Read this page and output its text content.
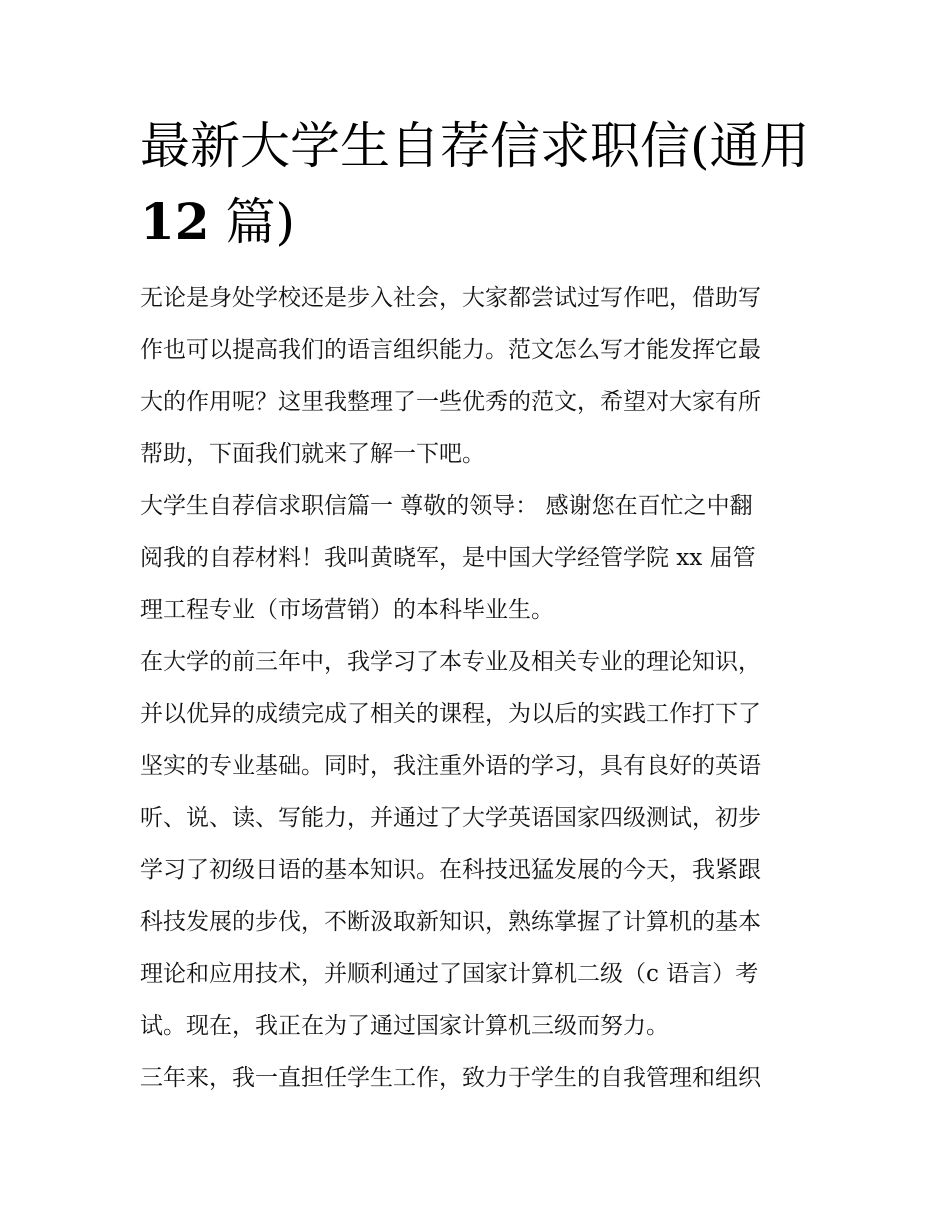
最新大学生自荐信求职信(通用
12 篇)

无论是身处学校还是步入社会，大家都尝试过写作吧，借助写
作也可以提高我们的语言组织能力。范文怎么写才能发挥它最
大的作用呢？这里我整理了一些优秀的范文，希望对大家有所
帮助，下面我们就来了解一下吧。

大学生自荐信求职信篇一 尊敬的领导： 感谢您在百忙之中翻
阅我的自荐材料！我叫黄晓军，是中国大学经管学院 xx 届管
理工程专业（市场营销）的本科毕业生。

在大学的前三年中，我学习了本专业及相关专业的理论知识，
并以优异的成绩完成了相关的课程，为以后的实践工作打下了
坚实的专业基础。同时，我注重外语的学习，具有良好的英语
听、说、读、写能力，并通过了大学英语国家四级测试，初步
学习了初级日语的基本知识。在科技迅猛发展的今天，我紧跟
科技发展的步伐，不断汲取新知识，熟练掌握了计算机的基本
理论和应用技术，并顺利通过了国家计算机二级（c 语言）考
试。现在，我正在为了通过国家计算机三级而努力。

三年来，我一直担任学生工作，致力于学生的自我管理和组织
